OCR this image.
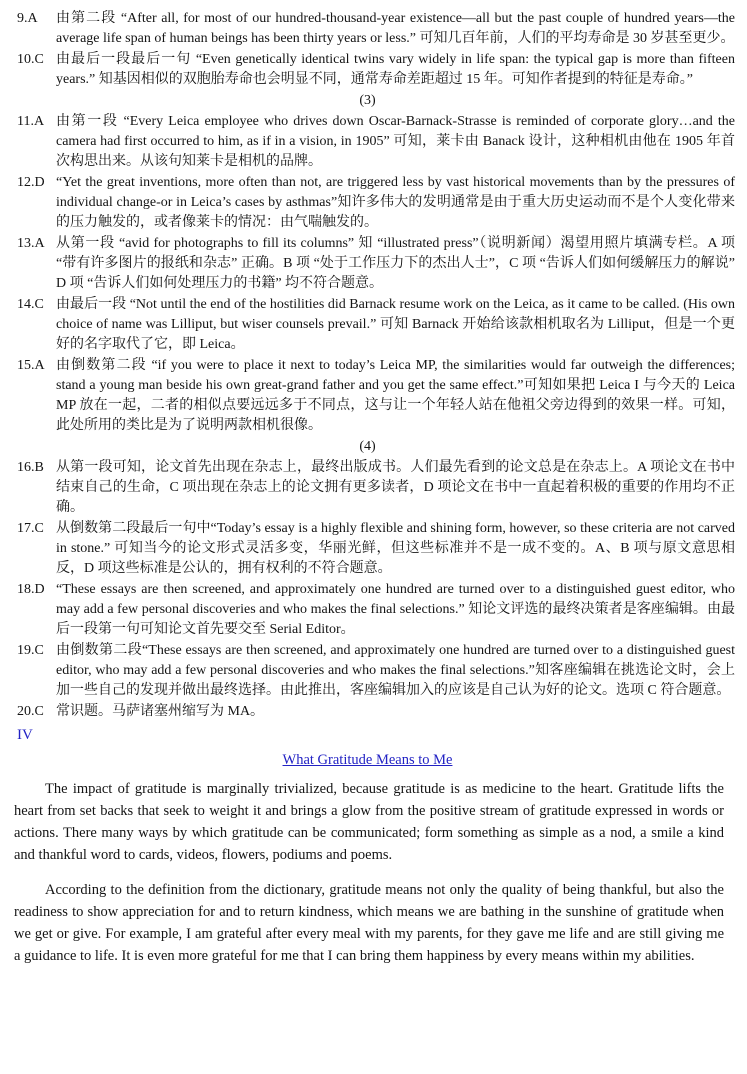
9.A 由第二段 “After all, for most of our hundred-thousand-year existence—all but the past couple of hundred years—the average life span of human beings has been thirty years or less.” 可知几百年前，人们的平均寿命是 30 岁甚至更少。
10.C 由最后一段最后一句 “Even genetically identical twins vary widely in life span: the typical gap is more than fifteen years.” 知基因相似的双胞胎寿命也会明显不同，通常寿命差距超过 15 年。可知作者提到的特征是寿命。”
(3)
11.A 由第一段 “Every Leica employee who drives down Oscar-Barnack-Strasse is reminded of corporate glory…and the camera had first occurred to him, as if in a vision, in 1905” 可知，莱卡由 Banack 设计，这种相机由他在 1905 年首次构思出来。从该句知莱卡是相机的品牌。
12.D “Yet the great inventions, more often than not, are triggered less by vast historical movements than by the pressures of individual change-or in Leica’s cases by asthmas”知许多伟大的发明通常是由于重大历史运动而不是个人变化带来的压力触发的，或者像莱卡的情况：由气喘触发的。
13.A 从第一段 “avid for photographs to fill its columns” 知 “illustrated press”（说明新闻）渴望用照片填满专栏。A 项 “带有许多图片的报纸和杂志” 正确。B 项 “处于工作压力下的杰出人士”，C 项 “告诉人们如何缓解压力的解说” D 项 “告诉人们如何处理压力的书籍” 均不符合题意。
14.C 由最后一段 “Not until the end of the hostilities did Barnack resume work on the Leica, as it came to be called. (His own choice of name was Lilliput, but wiser counsels prevail.” 可知 Barnack 开始给该款相机取名为 Lilliput，但是一个更好的名字取代了它，即 Leica。
15.A 由倒数第二段 “if you were to place it next to today’s Leica MP, the similarities would far outweigh the differences; stand a young man beside his own great-grand father and you get the same effect.”可知如果把 Leica I 与今天的 Leica MP 放在一起，二者的相似点要远远多于不同点，这与让一个年轻人站在他祖父旁边得到的效果一样。可知，此处所用的类比是为了说明两款相机很像。
(4)
16.B 从第一段可知，论文首先出现在杂志上，最终出版成书。人们最先看到的论文总是在杂志上。A 项论文在书中结束自己的生命，C 项出现在杂志上的论文拥有更多读者，D 项论文在书中一直起着积极的重要的作用均不正确。
17.C 从倒数第二段最后一句中“Today’s essay is a highly flexible and shining form, however, so these criteria are not carved in stone.” 可知当今的论文形式灵活多变，华丽光鲜，但这些标准并不是一成不变的。A、B 项与原文意思相反，D 项这些标准是公认的，拥有权利的不符合题意。
18.D “These essays are then screened, and approximately one hundred are turned over to a distinguished guest editor, who may add a few personal discoveries and who makes the final selections.” 知论文评选的最终决策者是客座编辑。由最后一段第一句可知论文首先要交至 Serial Editor。
19.C 由倒数第二段“These essays are then screened, and approximately one hundred are turned over to a distinguished guest editor, who may add a few personal discoveries and who makes the final selections.”知客座编辑在挑选论文时，会上加一些自己的发现并做出最终选择。由此推出，客座编辑加入的应该是自己认为好的论文。选项 C 符合题意。
20.C 常识题。马萨诸塞州缩写为 MA。
IV
What Gratitude Means to Me

The impact of gratitude is marginally trivialized, because gratitude is as medicine to the heart. Gratitude lifts the heart from set backs that seek to weight it and brings a glow from the positive stream of gratitude expressed in words or actions. There many ways by which gratitude can be communicated; form something as simple as a nod, a smile a kind and thankful word to cards, videos, flowers, podiums and poems.

According to the definition from the dictionary, gratitude means not only the quality of being thankful, but also the readiness to show appreciation for and to return kindness, which means we are bathing in the sunshine of gratitude when we get or give. For example, I am grateful after every meal with my parents, for they gave me life and are still giving me a guidance to life. It is even more grateful for me that I can bring them happiness by every means within my abilities.
